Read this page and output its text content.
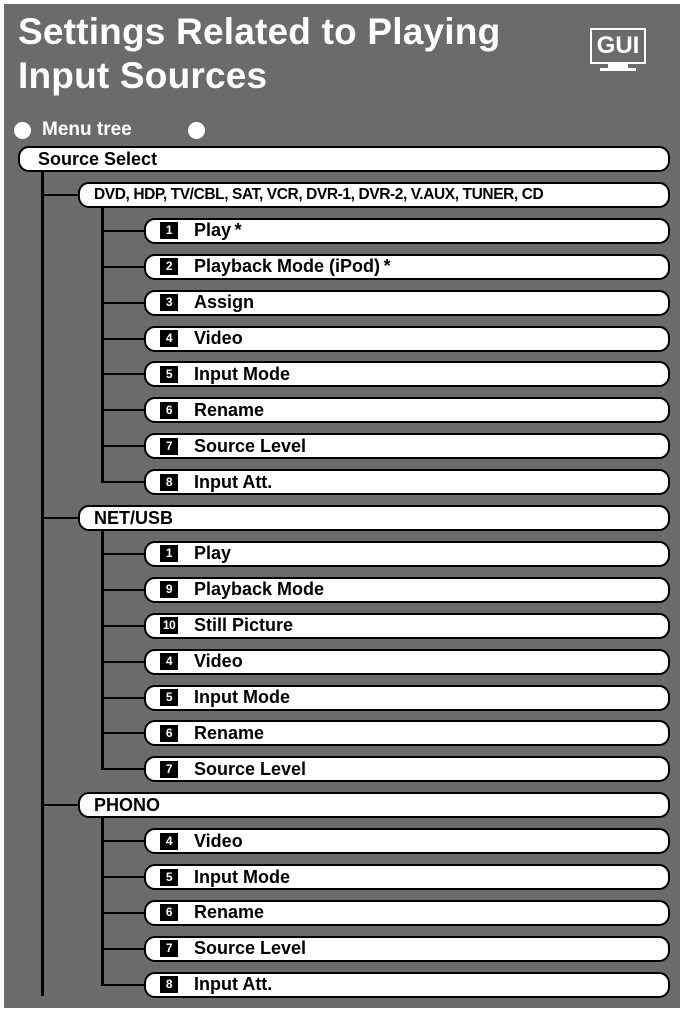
Settings Related to Playing
Input Sources
GUI
Menu tree
Source Select
DVD, HDP, TV/CBL, SAT, VCR, DVR-1, DVR-2, V.AUX, TUNER, CD
1	Play *
2	Playback Mode (iPod) *
3	Assign
4	Video
5	Input Mode
6	Rename
7	Source Level
8	Input Att.
NET/USB
1	Play
9	Playback Mode
10 Still Picture
4	Video
5	Input Mode
6	Rename
7	Source Level
PHONO
4	Video
5	Input Mode
6	Rename
7	Source Level
8	Input Att.
